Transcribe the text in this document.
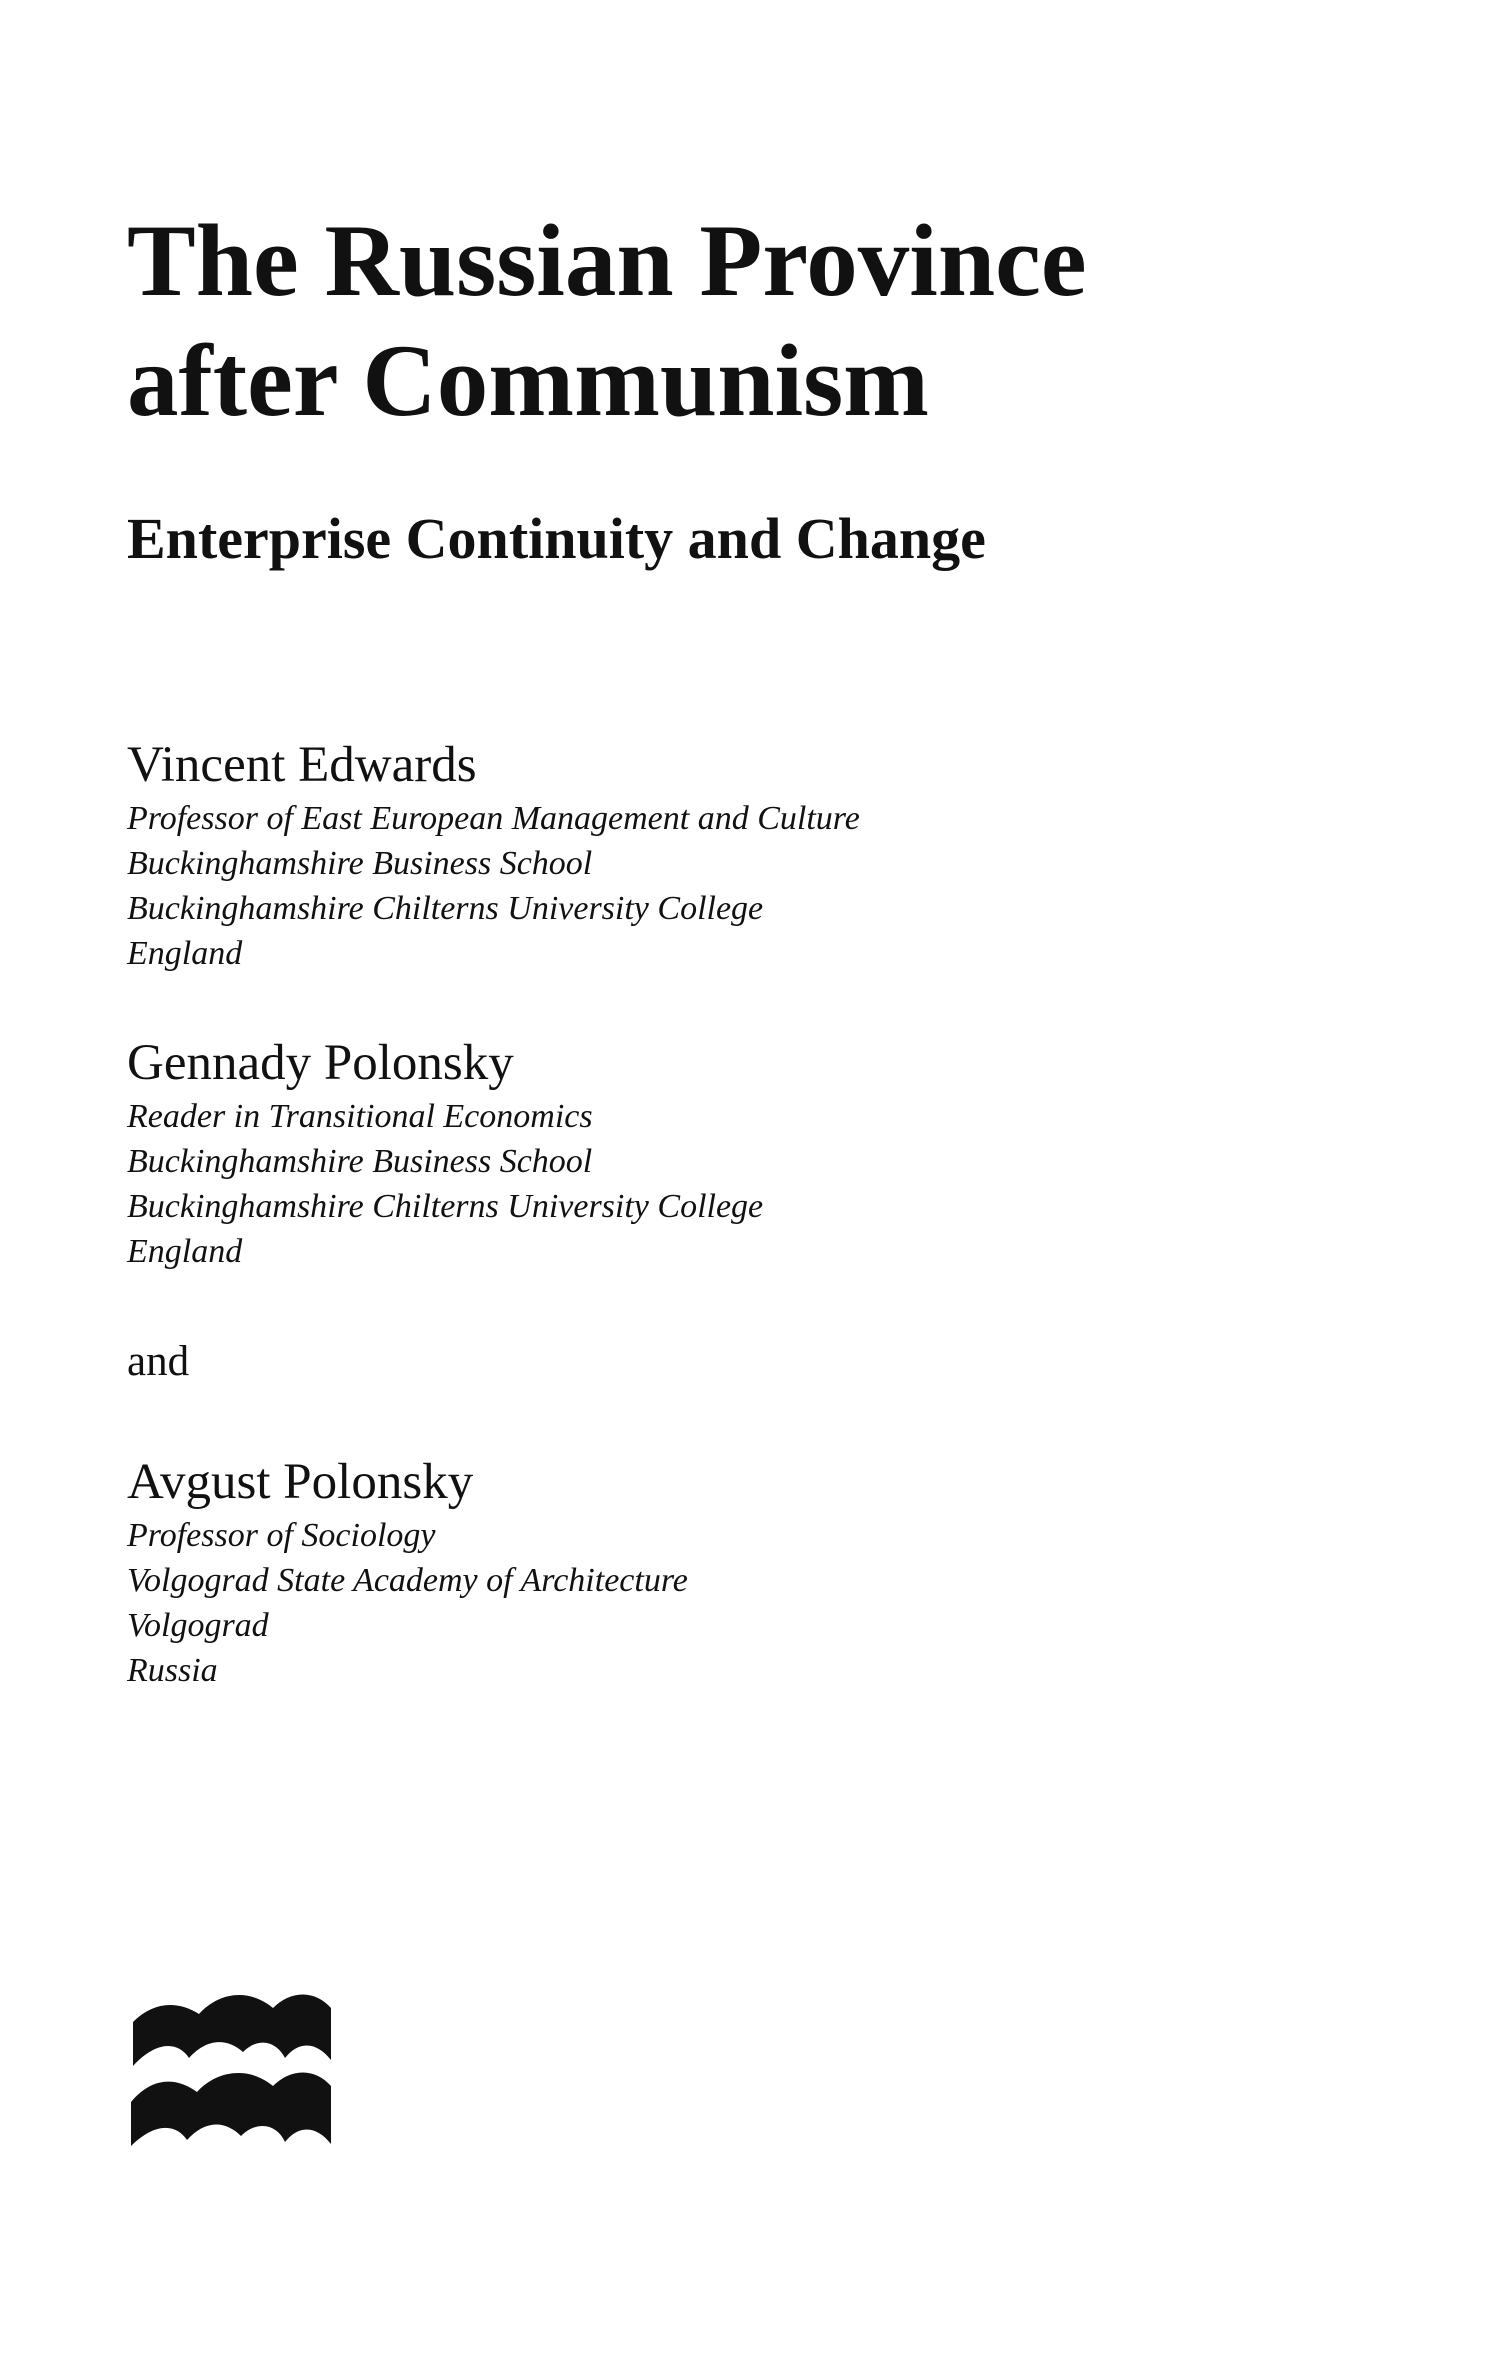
The Russian Province
after Communism
Enterprise Continuity and Change

Vincent Edwards

Professor of East European Management and Culture

Buckinghamshire Business School

Buckinghamshire Chilterns University College

England

Gennady Polonsky

Reader in Transitional Economics

Buckinghamshire Business School

Buckinghamshire Chilterns University College

England

and

Avgust Polonsky

Professor of Sociology

Volgograd State Academy of Architecture

Volgograd

Russia
